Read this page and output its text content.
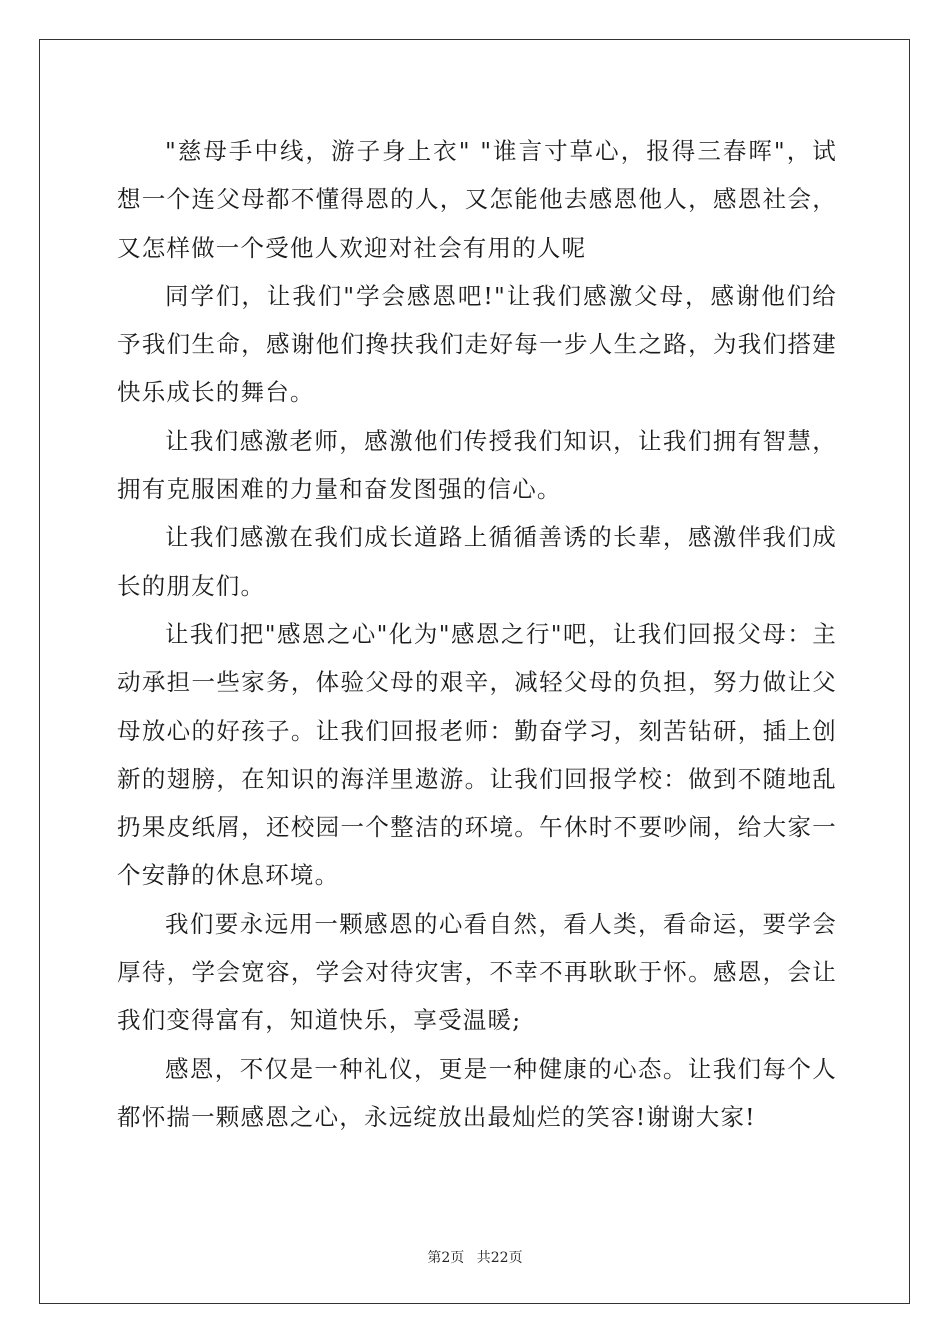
"慈母手中线，游子身上衣" "谁言寸草心，报得三春晖"，试想一个连父母都不懂得恩的人，又怎能他去感恩他人，感恩社会，又怎样做一个受他人欢迎对社会有用的人呢

同学们，让我们"学会感恩吧!"让我们感激父母，感谢他们给予我们生命，感谢他们搀扶我们走好每一步人生之路，为我们搭建快乐成长的舞台。

让我们感激老师，感激他们传授我们知识，让我们拥有智慧，拥有克服困难的力量和奋发图强的信心。

让我们感激在我们成长道路上循循善诱的长辈，感激伴我们成长的朋友们。

让我们把"感恩之心"化为"感恩之行"吧，让我们回报父母：主动承担一些家务，体验父母的艰辛，减轻父母的负担，努力做让父母放心的好孩子。让我们回报老师：勤奋学习，刻苦钻研，插上创新的翅膀，在知识的海洋里遨游。让我们回报学校：做到不随地乱扔果皮纸屑，还校园一个整洁的环境。午休时不要吵闹，给大家一个安静的休息环境。

我们要永远用一颗感恩的心看自然，看人类，看命运，要学会厚待，学会宽容，学会对待灾害，不幸不再耿耿于怀。感恩，会让我们变得富有，知道快乐，享受温暖;

感恩，不仅是一种礼仪，更是一种健康的心态。让我们每个人都怀揣一颗感恩之心，永远绽放出最灿烂的笑容!谢谢大家!

第2页 共22页
